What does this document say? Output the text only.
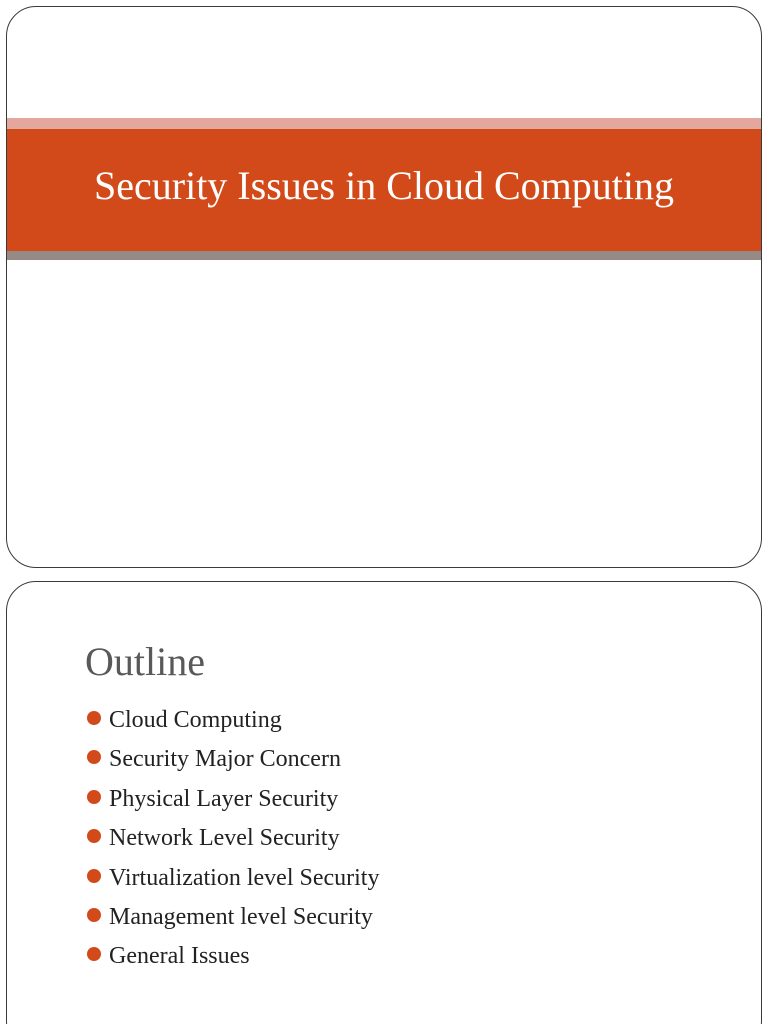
Security Issues in Cloud Computing
Outline
Cloud Computing
Security Major Concern
Physical Layer Security
Network Level Security
Virtualization level Security
Management level Security
General Issues
